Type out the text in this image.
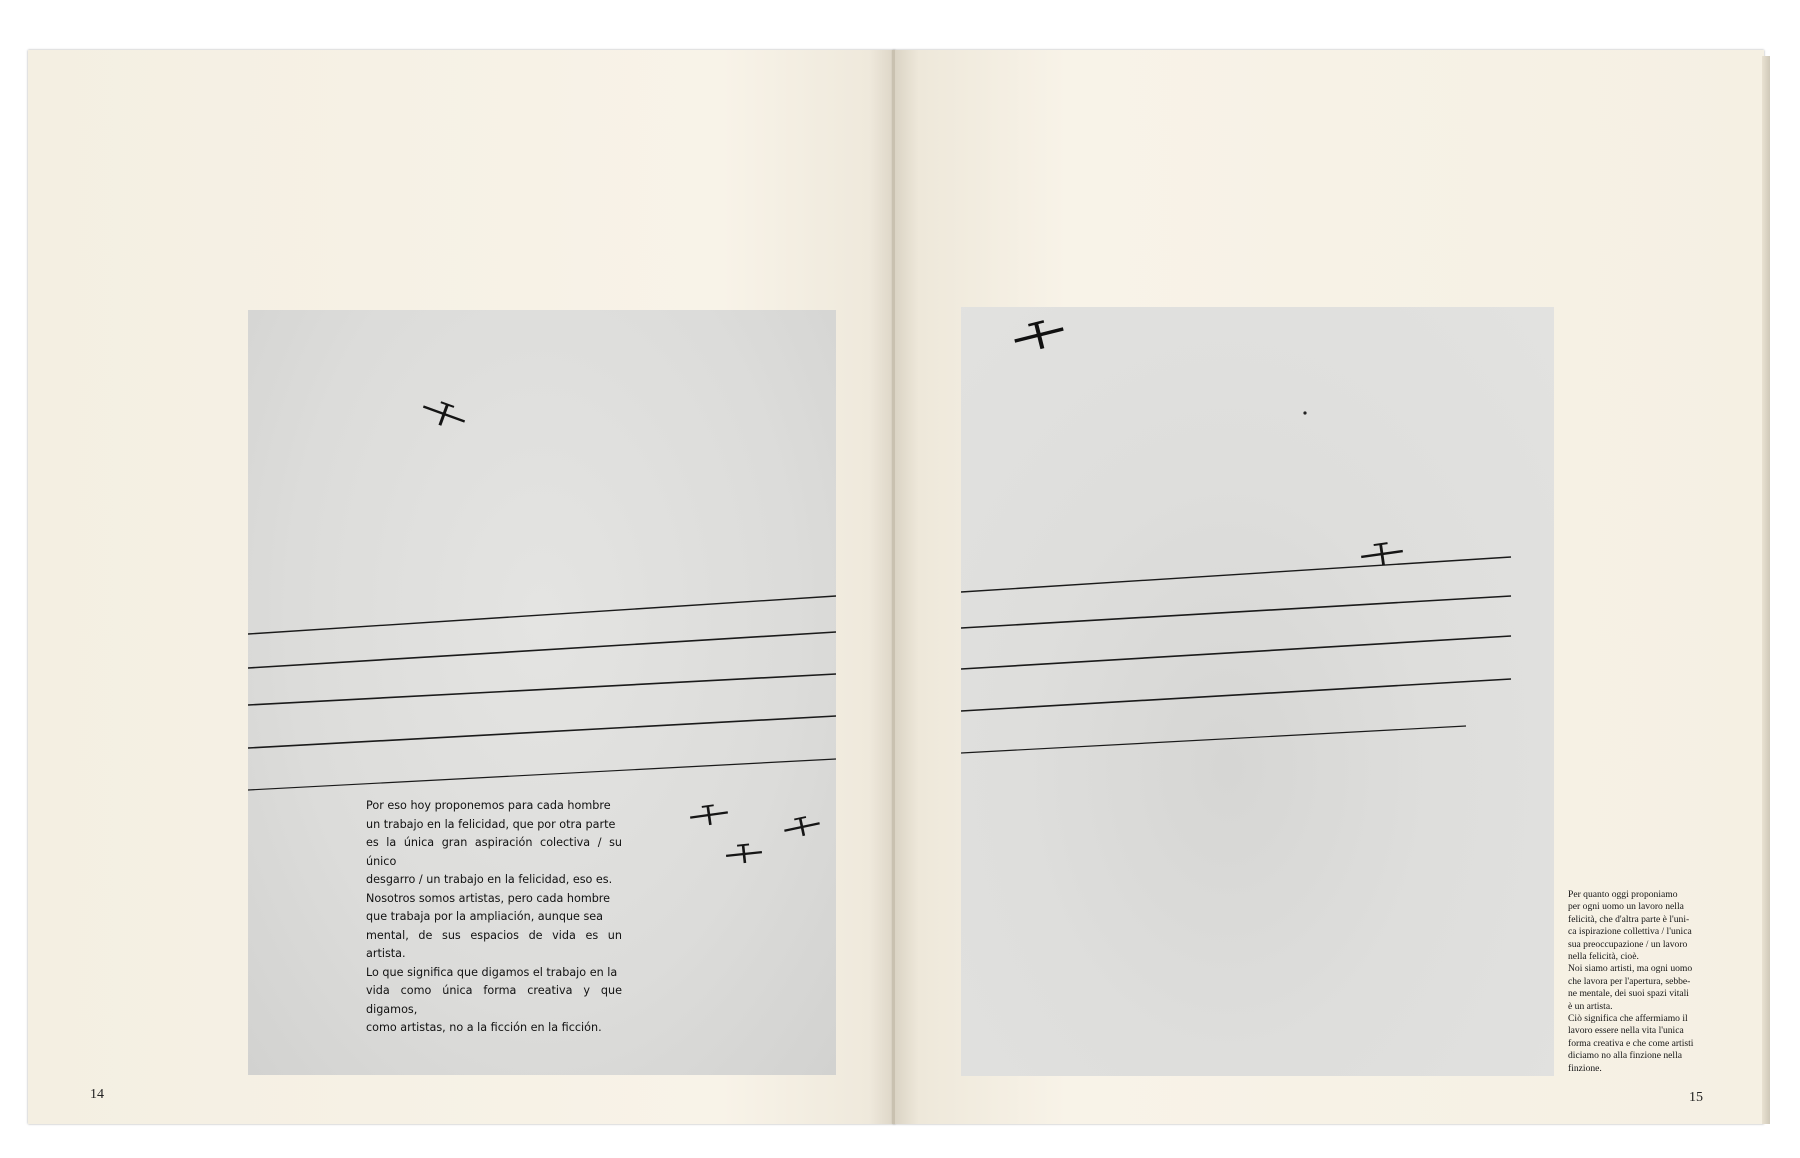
Por eso hoy proponemos para cada hombre
un trabajo en la felicidad, que por otra parte
es la única gran aspiración colectiva / su único
desgarro / un trabajo en la felicidad, eso es.
Nosotros somos artistas, pero cada hombre
que trabaja por la ampliación, aunque sea
mental, de sus espacios de vida es un artista.
Lo que significa que digamos el trabajo en la
vida como única forma creativa y que digamos,
como artistas, no a la ficción en la ficción.
Per quanto oggi proponiamo
per ogni uomo un lavoro nella
felicità, che d'altra parte è l'uni-
ca ispirazione collettiva / l'unica
sua preoccupazione / un lavoro
nella felicità, cioè.
Noi siamo artisti, ma ogni uomo
che lavora per l'apertura, sebbe-
ne mentale, dei suoi spazi vitali
è un artista.
Ciò significa che affermiamo il
lavoro essere nella vita l'unica
forma creativa e che come artisti
diciamo no alla finzione nella
finzione.
14	15
